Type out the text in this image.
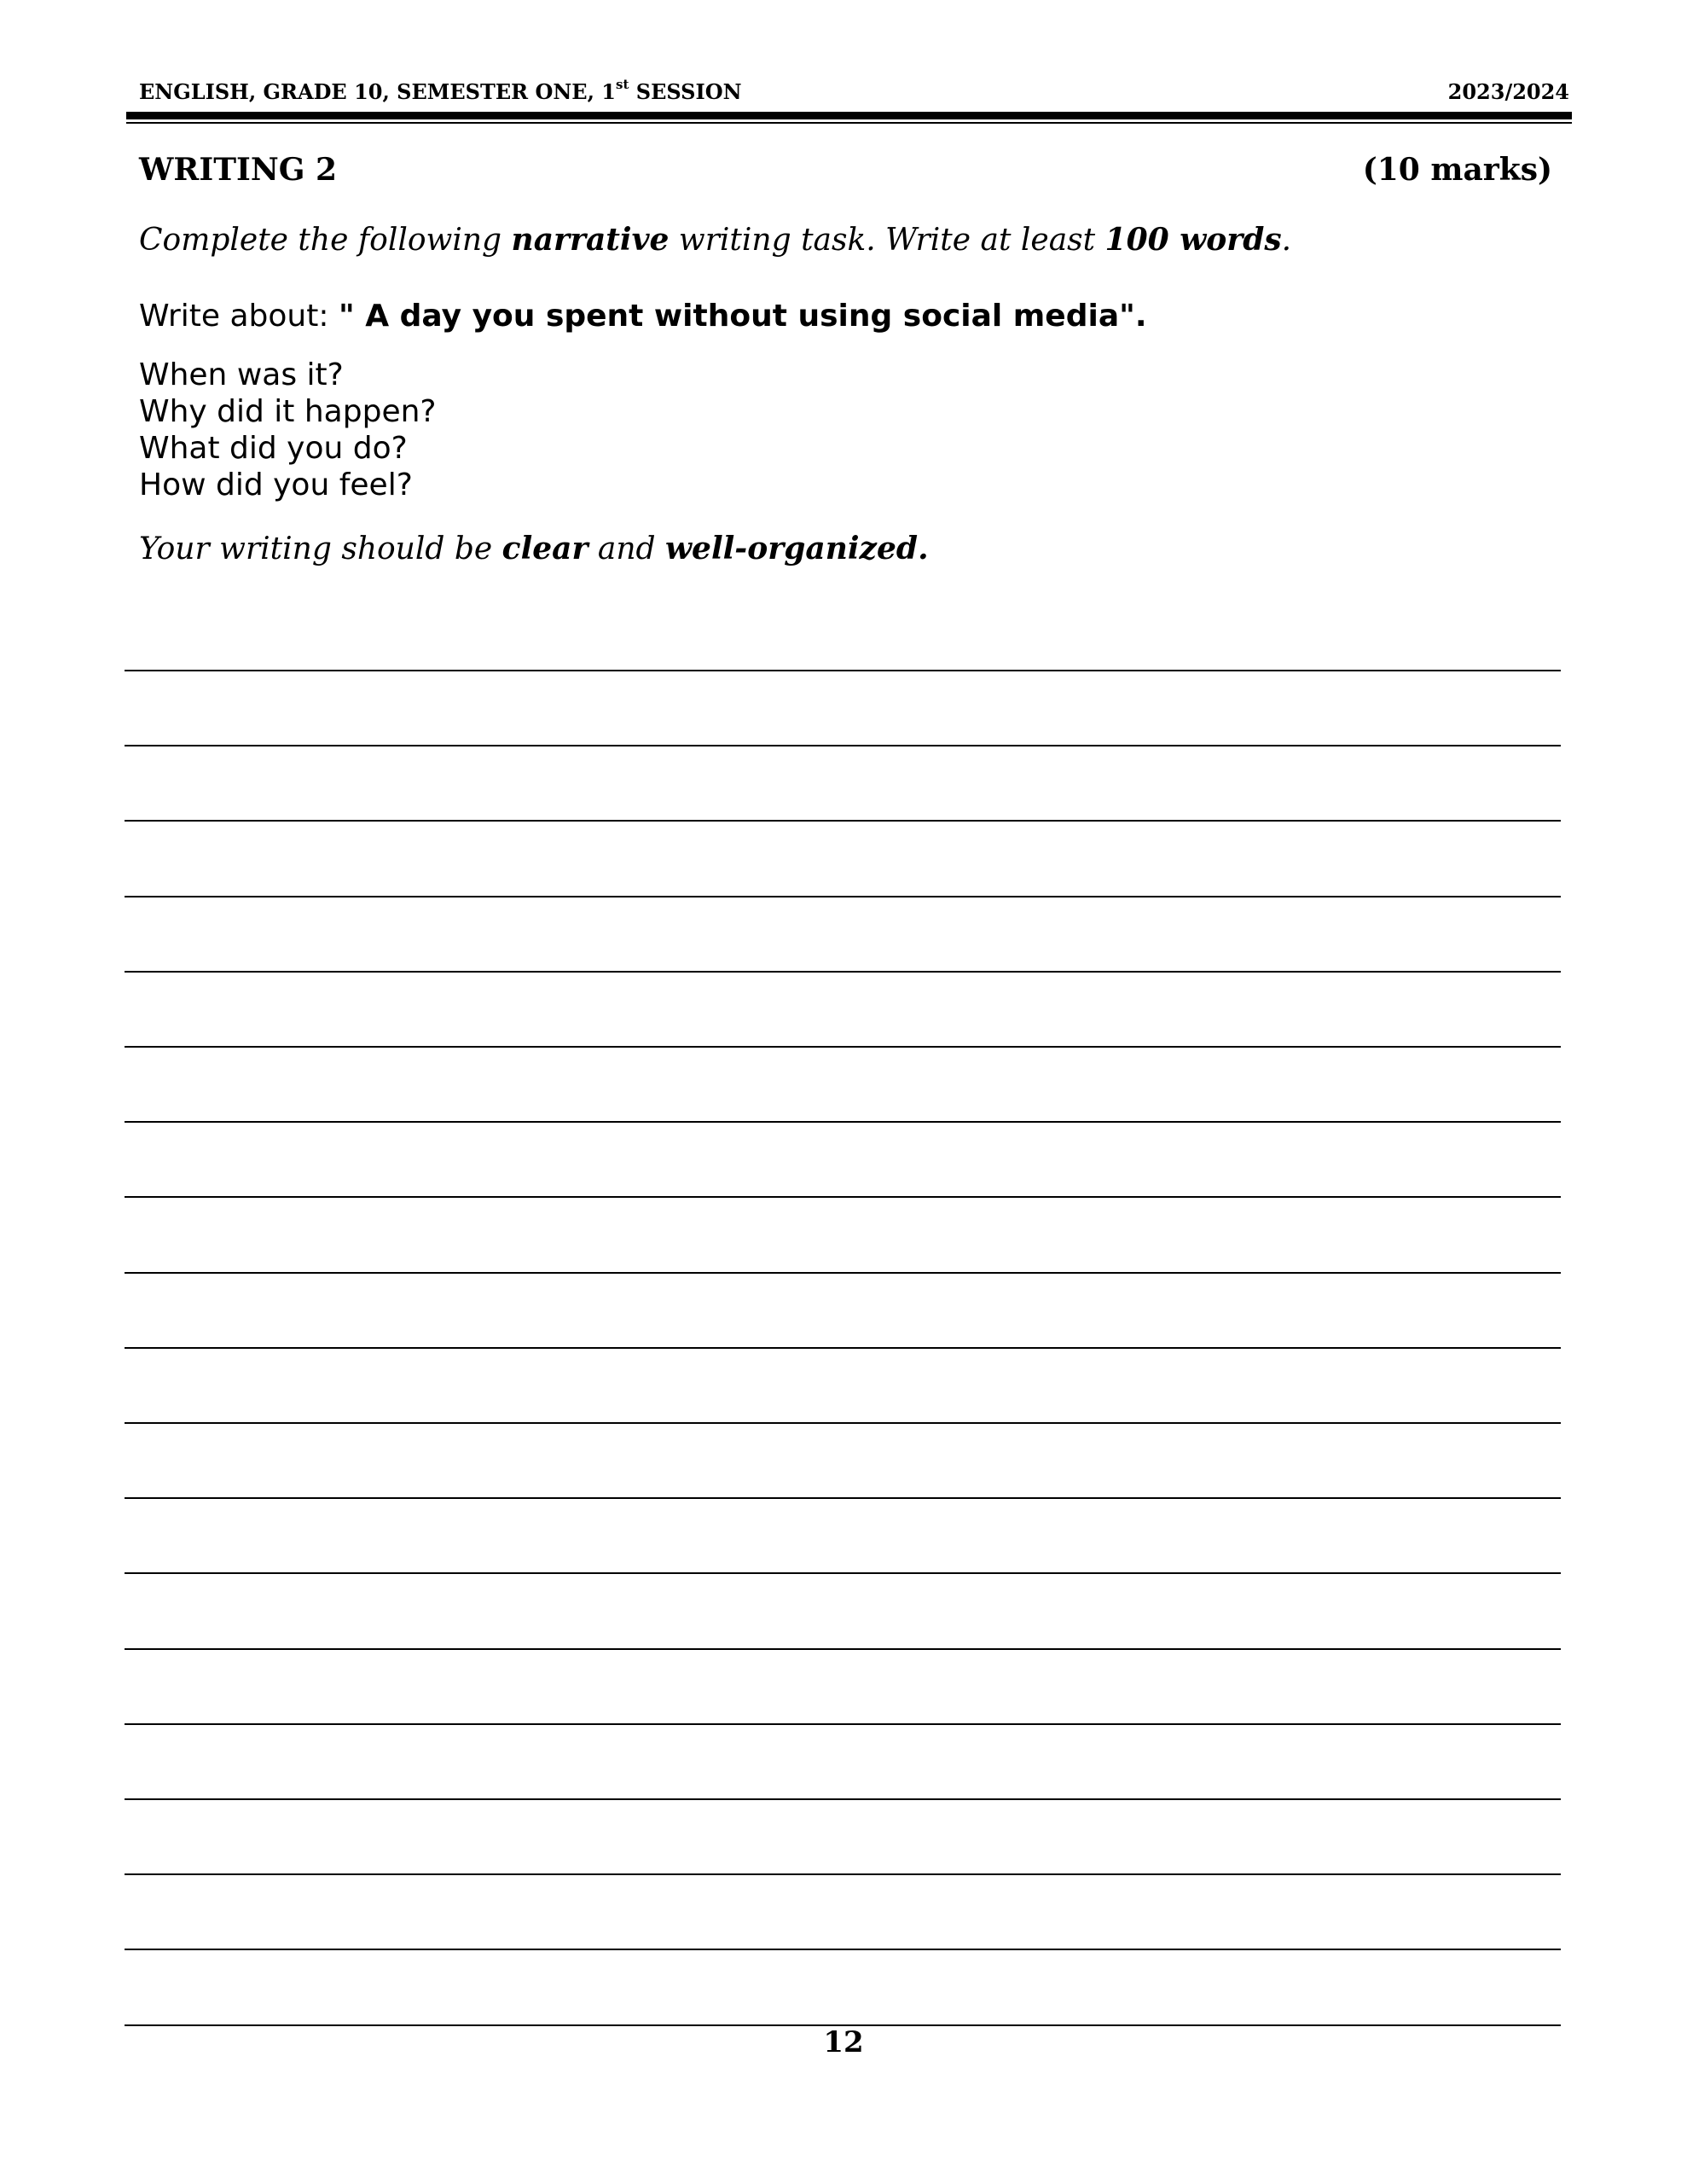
ENGLISH, GRADE 10, SEMESTER ONE, 1st SESSION	2023/2024
WRITING 2	(10 marks)
Complete the following narrative writing task. Write at least 100 words.
Write about: " A day you spent without using social media".
When was it?
Why did it happen?
What did you do?
How did you feel?
Your writing should be clear and well-organized.
12
